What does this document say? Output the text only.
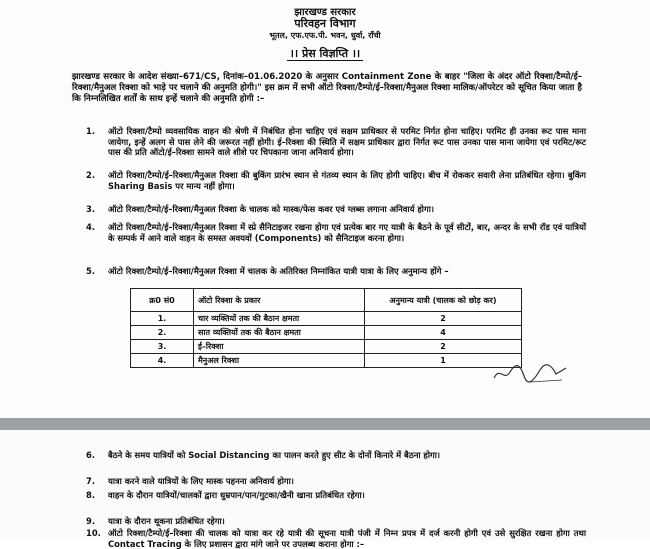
झारखण्ड सरकार
परिवहन विभाग
भूतल, एफ.एफ.पी. भवन, धुर्वा, राँची
।। प्रेस विज्ञप्ति ।।
झारखण्ड सरकार के आदेश संख्या–671/CS, दिनांक–01.06.2020 के अनुसार Containment Zone के बाहर "जिला के अंदर ऑटो रिक्शा/टैम्पो/ई–रिक्शा/मैनुअल रिक्शा को भाड़े पर चलाने की अनुमति होगी।" इस क्रम में सभी ऑटो रिक्शा/टैम्पो/ई–रिक्शा/मैनुअल रिक्शा मालिक/ऑपरेटर को सूचित किया जाता है कि निम्नलिखित शर्तों के साथ इन्हें चलाने की अनुमति होगी :–
1. ऑटो रिक्शा/टैम्पो व्यवसायिक वाहन की श्रेणी में निबंधित होना चाहिए एवं सक्षम प्राधिकार से परमिट निर्गत होना चाहिए। परमिट ही उनका रूट पास माना जायेगा, इन्हें अलग से पास लेने की जरूरत नहीं होगी। ई–रिक्शा की स्थिति में सक्षम प्राधिकार द्वारा निर्गत रूट पास उनका पास माना जायेगा एवं परमिट/रूट पास की प्रति ऑटो/ई–रिक्शा सामने वाले शीशे पर चिपकाना जाना अनिवार्य होगा।
2. ऑटो रिक्शा/टैम्पो/ई–रिक्शा/मैनुअल रिक्शा की बुकिंग प्रारंभ स्थान से गंतव्य स्थान के लिए होगी चाहिए। बीच में रोककर सवारी लेना प्रतिबंधित रहेगा। बुकिंग Sharing Basis पर मान्य नहीं होगा।
3. ऑटो रिक्शा/टैम्पो/ई–रिक्शा/मैनुअल रिक्शा के चालक को मास्क/फेस कवर एवं ग्लब्स लगाना अनिवार्य होगा।
4. ऑटो रिक्शा/टैम्पो/ई–रिक्शा/मैनुअल रिक्शा में स्प्रे सैनिटाइजर रखना होगा एवं प्रत्येक बार गए यात्री के बैठने के पूर्व सीटों, बार, अन्दर के सभी रॉड एवं यात्रियों के सम्पर्क में आने वाले वाहन के समस्त अवयवों (Components) को सैनिटाइज करना होगा।
5. ऑटो रिक्शा/टैम्पो/ई–रिक्शा/मैनुअल रिक्शा में चालक के अतिरिक्त निम्नांकित यात्री यात्रा के लिए अनुमान्य होंगे –
क्र0 सं0	ऑटो रिक्शा के प्रकार	अनुमान्य यात्री (चालक को छोड़ कर)
1.	चार व्यक्तियों तक की बैठान क्षमता	2
2.	सात व्यक्तियों तक की बैठान क्षमता	4
3.	ई–रिक्शा	2
4.	मैनुअल रिक्शा	1
6. बैठने के समय यात्रियों को Social Distancing का पालन करते हुए सीट के दोनों किनारे में बैठना होगा।
7. यात्रा करने वाले यात्रियों के लिए मास्क पहनना अनिवार्य होगा।
8. वाहन के दौरान यात्रियों/चालकों द्वारा धुम्रपान/पान/गुटका/खैनी खाना प्रतिबंधित रहेगा।
9. यात्रा के दौरान थूकना प्रतिबंधित रहेगा।
10. ऑटो रिक्शा/टैम्पो/ई–रिक्शा की चालक को यात्रा कर रहे यात्री की सूचना यात्री पंजी में निम्न प्रपत्र में दर्ज करनी होगी एवं उसे सुरक्षित रखना होगा तथा Contact Tracing के लिए प्रशासन द्वारा मांगे जाने पर उपलब्ध कराना होगा :–
